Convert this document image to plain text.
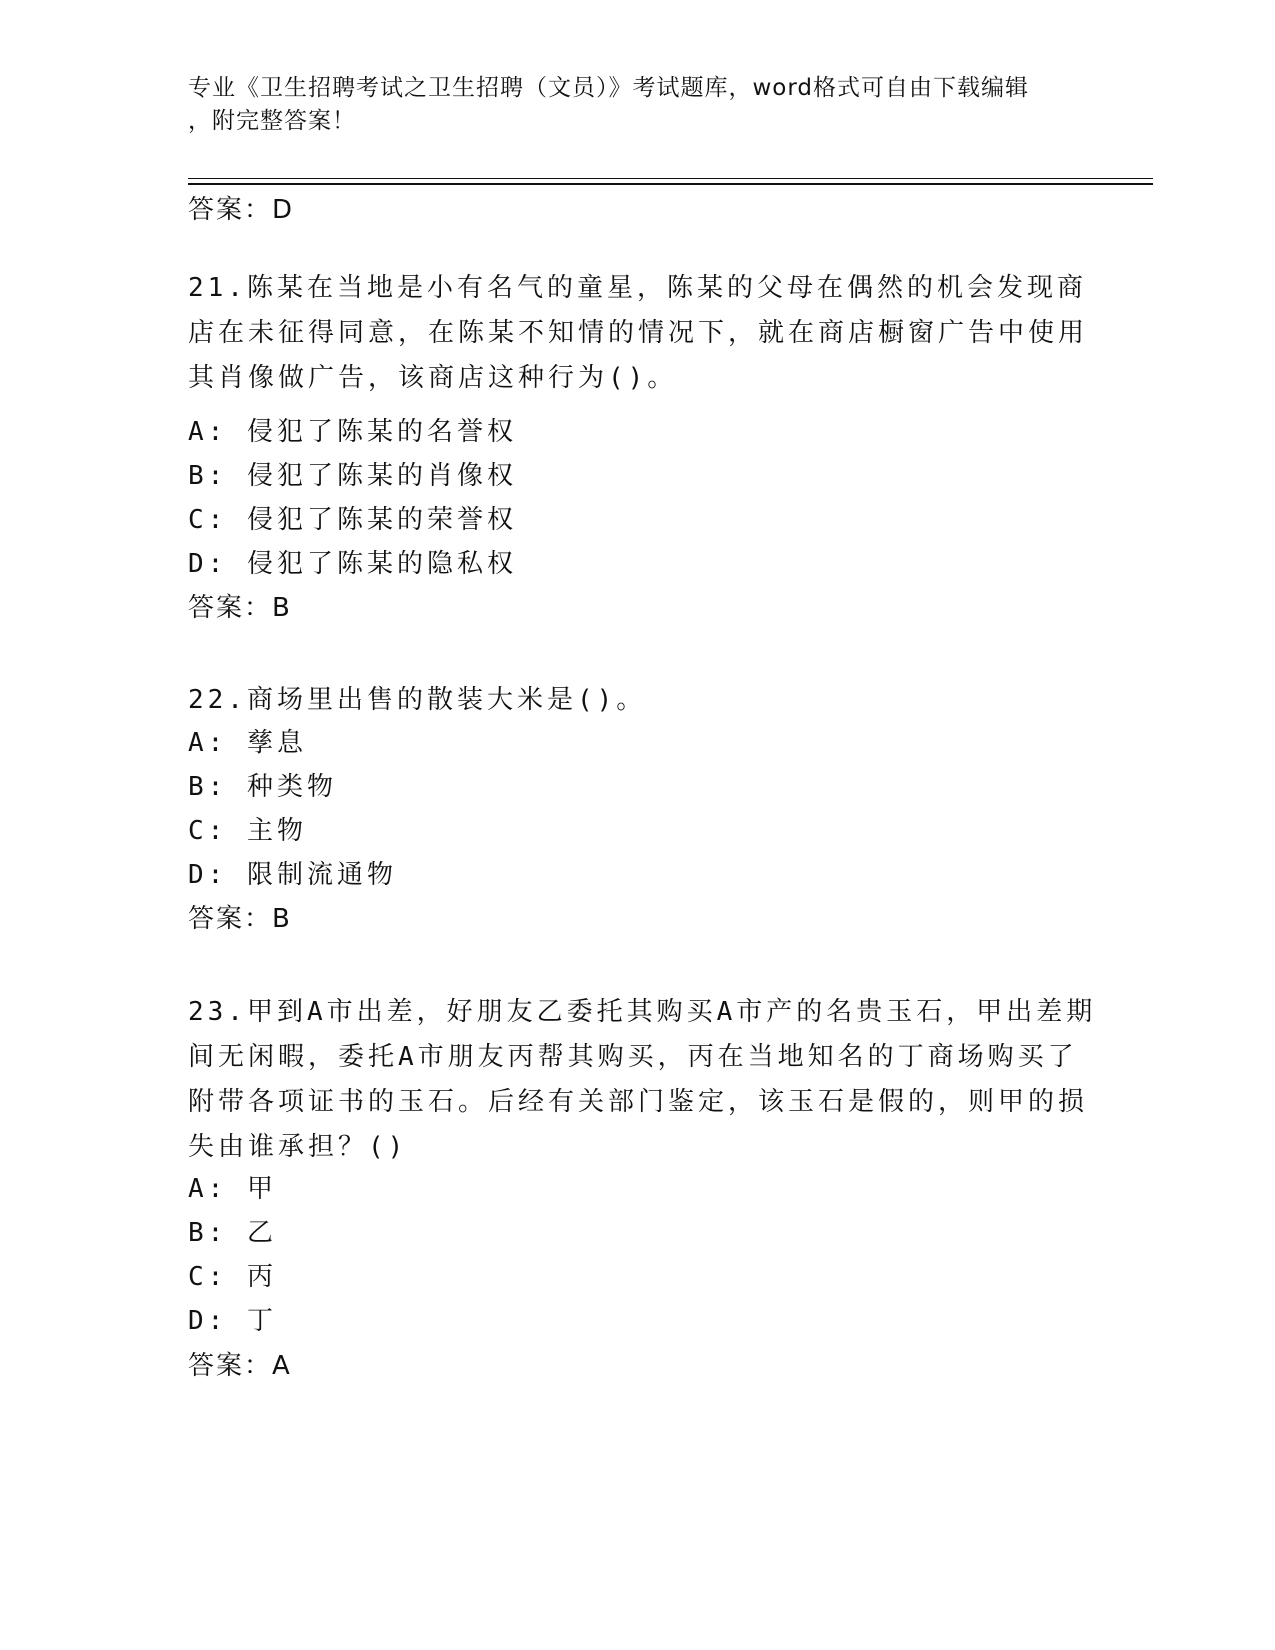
专业《卫生招聘考试之卫生招聘（文员）》考试题库，word格式可自由下载编辑
，附完整答案！
答案：D

21.陈某在当地是小有名气的童星，陈某的父母在偶然的机会发现商店在未征得同意，在陈某不知情的情况下，就在商店橱窗广告中使用其肖像做广告，该商店这种行为()。

A: 侵犯了陈某的名誉权
B: 侵犯了陈某的肖像权
C: 侵犯了陈某的荣誉权
D: 侵犯了陈某的隐私权
答案：B

22.商场里出售的散装大米是()。

A: 孳息
B: 种类物
C: 主物
D: 限制流通物
答案：B

23.甲到A市出差，好朋友乙委托其购买A市产的名贵玉石，甲出差期间无闲暇，委托A市朋友丙帮其购买，丙在当地知名的丁商场购买了附带各项证书的玉石。后经有关部门鉴定，该玉石是假的，则甲的损失由谁承担？()

A: 甲
B: 乙
C: 丙
D: 丁
答案：A
